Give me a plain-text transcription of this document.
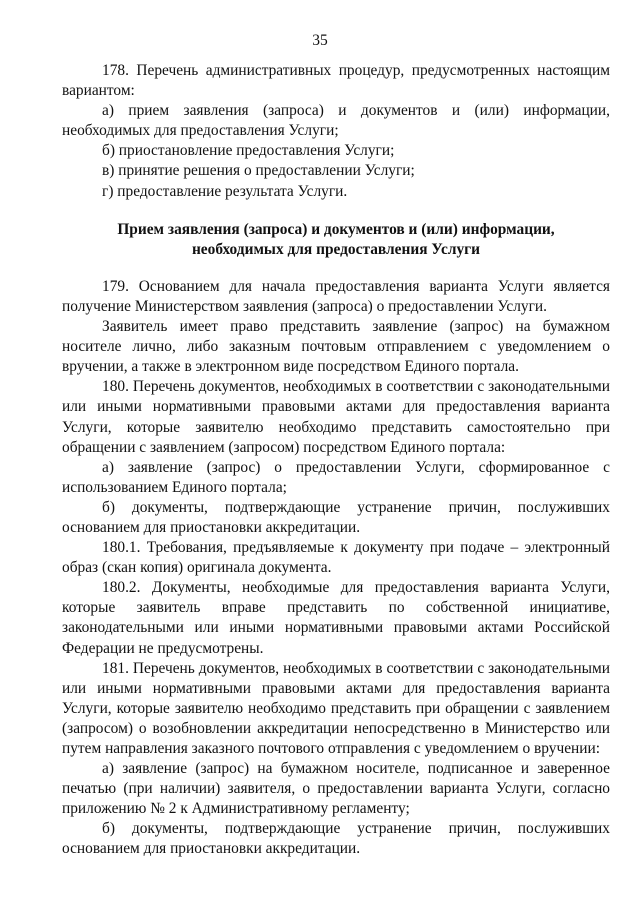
35

178. Перечень административных процедур, предусмотренных настоящим вариантом:

а) прием заявления (запроса) и документов и (или) информации, необходимых для предоставления Услуги;

б) приостановление предоставления Услуги;

в) принятие решения о предоставлении Услуги;

г) предоставление результата Услуги.

Прием заявления (запроса) и документов и (или) информации, необходимых для предоставления Услуги

179. Основанием для начала предоставления варианта Услуги является получение Министерством заявления (запроса) о предоставлении Услуги.

Заявитель имеет право представить заявление (запрос) на бумажном носителе лично, либо заказным почтовым отправлением с уведомлением о вручении, а также в электронном виде посредством Единого портала.

180. Перечень документов, необходимых в соответствии с законодательными или иными нормативными правовыми актами для предоставления варианта Услуги, которые заявителю необходимо представить самостоятельно при обращении с заявлением (запросом) посредством Единого портала:

а) заявление (запрос) о предоставлении Услуги, сформированное с использованием Единого портала;

б) документы, подтверждающие устранение причин, послуживших основанием для приостановки аккредитации.

180.1. Требования, предъявляемые к документу при подаче – электронный образ (скан копия) оригинала документа.

180.2. Документы, необходимые для предоставления варианта Услуги, которые заявитель вправе представить по собственной инициативе, законодательными или иными нормативными правовыми актами Российской Федерации не предусмотрены.

181. Перечень документов, необходимых в соответствии с законодательными или иными нормативными правовыми актами для предоставления варианта Услуги, которые заявителю необходимо представить при обращении с заявлением (запросом) о возобновлении аккредитации непосредственно в Министерство или путем направления заказного почтового отправления с уведомлением о вручении:

а) заявление (запрос) на бумажном носителе, подписанное и заверенное печатью (при наличии) заявителя, о предоставлении варианта Услуги, согласно приложению № 2 к Административному регламенту;

б) документы, подтверждающие устранение причин, послуживших основанием для приостановки аккредитации.
